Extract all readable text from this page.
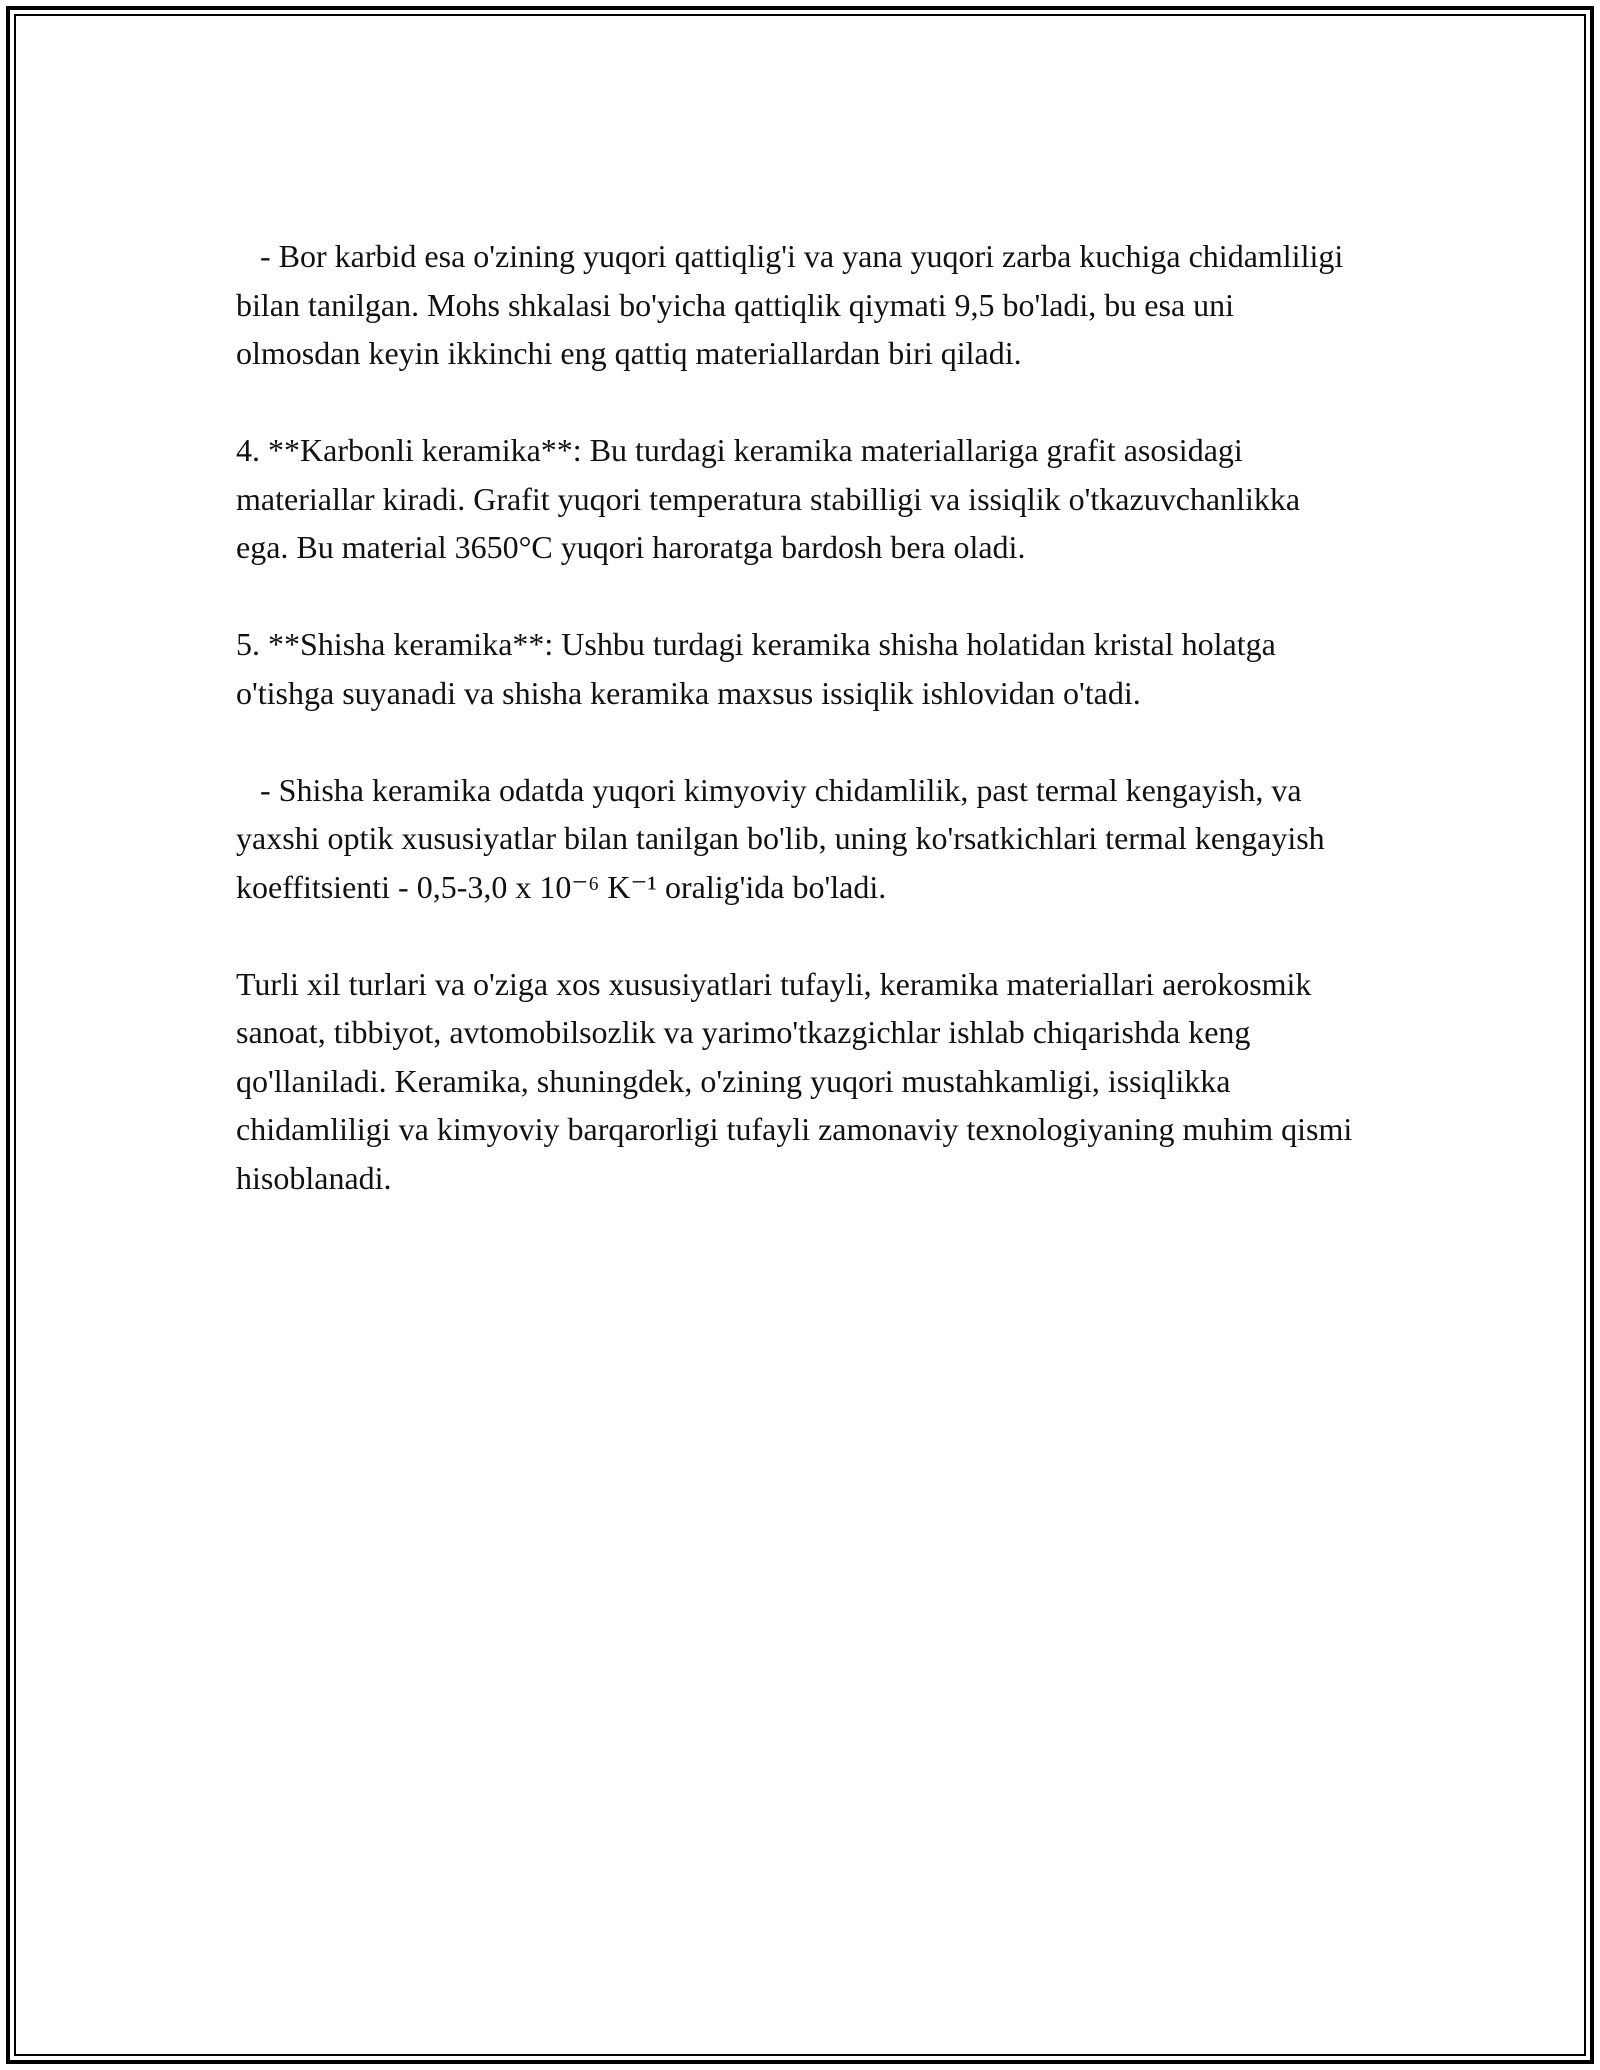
- Bor karbid esa o'zining yuqori qattiqlig'i va yana yuqori zarba kuchiga chidamliligi bilan tanilgan. Mohs shkalasi bo'yicha qattiqlik qiymati 9,5 bo'ladi, bu esa uni olmosdan keyin ikkinchi eng qattiq materiallardan biri qiladi.

4. **Karbonli keramika**: Bu turdagi keramika materiallariga grafit asosidagi materiallar kiradi. Grafit yuqori temperatura stabilligi va issiqlik o'tkazuvchanlikka ega. Bu material 3650°C yuqori haroratga bardosh bera oladi.

5. **Shisha keramika**: Ushbu turdagi keramika shisha holatidan kristal holatga o'tishga suyanadi va shisha keramika maxsus issiqlik ishlovidan o'tadi.

- Shisha keramika odatda yuqori kimyoviy chidamlilik, past termal kengayish, va yaxshi optik xususiyatlar bilan tanilgan bo'lib, uning ko'rsatkichlari termal kengayish koeffitsienti - 0,5-3,0 x 10⁻⁶ K⁻¹ oralig'ida bo'ladi.

Turli xil turlari va o'ziga xos xususiyatlari tufayli, keramika materiallari aerokosmik sanoat, tibbiyot, avtomobilsozlik va yarimo'tkazgichlar ishlab chiqarishda keng qo'llaniladi. Keramika, shuningdek, o'zining yuqori mustahkamligi, issiqlikka chidamliligi va kimyoviy barqarorligi tufayli zamonaviy texnologiyaning muhim qismi hisoblanadi.
